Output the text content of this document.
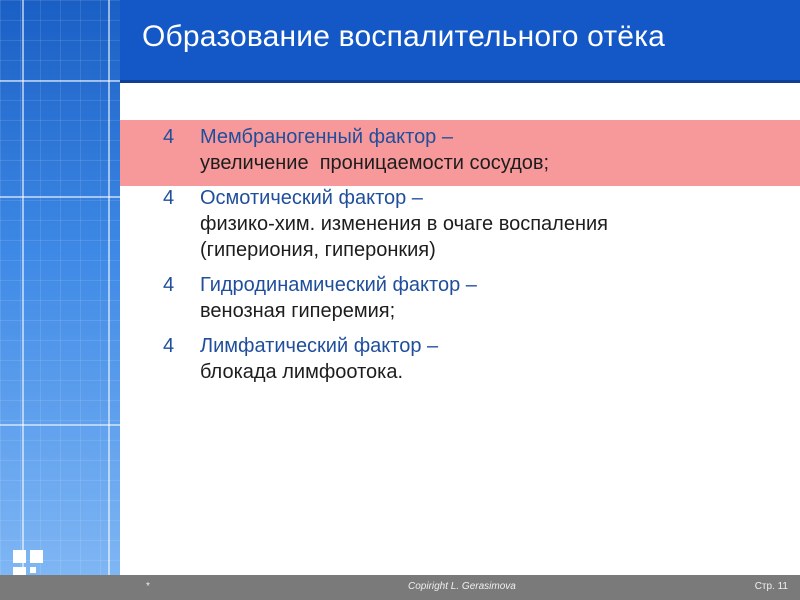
Образование воспалительного отёка
4 Мембраногенный фактор –
увеличение  проницаемости сосудов;
4 Осмотический фактор –
физико-хим. изменения в очаге воспаления
(гипериония, гиперонкия)
4 Гидродинамический фактор –
венозная гиперемия;
4 Лимфатический фактор –
блокада лимфоотока.
*	Copiright L. Gerasimova	Стр. 11
